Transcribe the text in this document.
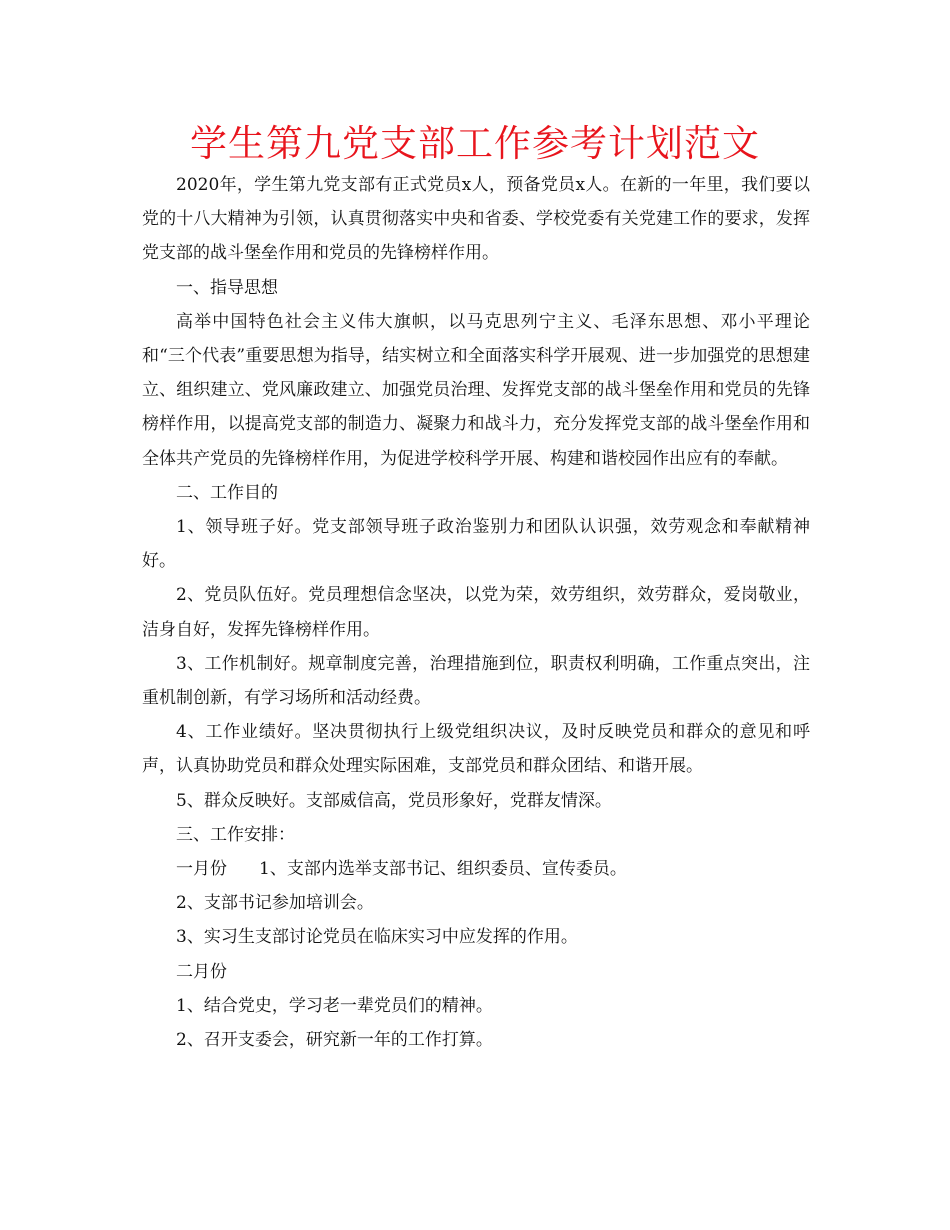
学生第九党支部工作参考计划范文

2020年，学生第九党支部有正式党员x人，预备党员x人。在新的一年里，我们要以党的十八大精神为引领，认真贯彻落实中央和省委、学校党委有关党建工作的要求，发挥党支部的战斗堡垒作用和党员的先锋榜样作用。

一、指导思想

高举中国特色社会主义伟大旗帜，以马克思列宁主义、毛泽东思想、邓小平理论和“三个代表”重要思想为指导，结实树立和全面落实科学开展观、进一步加强党的思想建立、组织建立、党风廉政建立、加强党员治理、发挥党支部的战斗堡垒作用和党员的先锋榜样作用，以提高党支部的制造力、凝聚力和战斗力，充分发挥党支部的战斗堡垒作用和全体共产党员的先锋榜样作用，为促进学校科学开展、构建和谐校园作出应有的奉献。

二、工作目的

1、领导班子好。党支部领导班子政治鉴别力和团队认识强，效劳观念和奉献精神好。

2、党员队伍好。党员理想信念坚决，以党为荣，效劳组织，效劳群众，爱岗敬业，洁身自好，发挥先锋榜样作用。

3、工作机制好。规章制度完善，治理措施到位，职责权利明确，工作重点突出，注重机制创新，有学习场所和活动经费。

4、工作业绩好。坚决贯彻执行上级党组织决议，及时反映党员和群众的意见和呼声，认真协助党员和群众处理实际困难，支部党员和群众团结、和谐开展。

5、群众反映好。支部威信高，党员形象好，党群友情深。

三、工作安排：

一月份 1、支部内选举支部书记、组织委员、宣传委员。

2、支部书记参加培训会。

3、实习生支部讨论党员在临床实习中应发挥的作用。

二月份

1、结合党史，学习老一辈党员们的精神。

2、召开支委会，研究新一年的工作打算。
